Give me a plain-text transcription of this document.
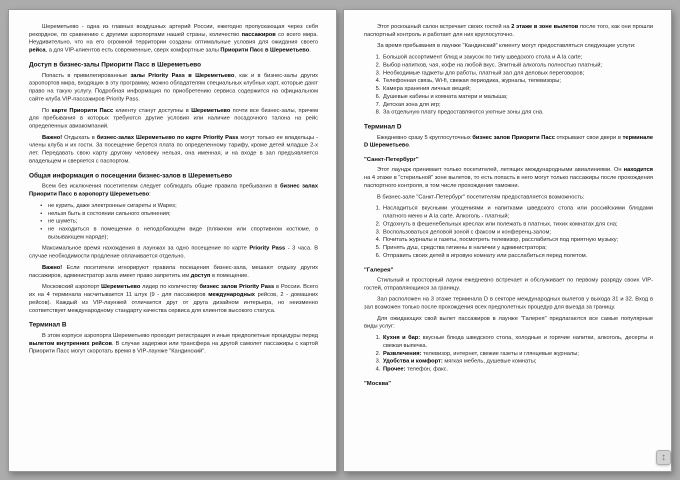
Шереметьево - одна из главных воздушных артерий России, ежегодно пропускающая через себя рекордное, по сравнению с другими аэропортами нашей страны, количество пассажиров со всего мира. Неудивительно, что на его огромной территории созданы оптимальные условия для ожидания своего рейса, а для VIP-клиентов есть современные, сверх комфортные залы Приорити Пасс в Шереметьево.

Доступ в бизнес-залы Приорити Пасс в Шереметьево

Попасть в привилегированные залы Priority Pass в Шереметьево, как и в бизнес-залы других аэропортов мира, входящих в эту программу, можно обладателям специальных клубных карт, которые дают право на такую услугу. Подробная информация по приобретению сервиса содержится на официальном сайте клуба VIP-пассажиров Priority Pass.

По карте Приорити Пасс клиенту станут доступны в Шереметьево почти все бизнес-залы, причем для пребывания в которых требуются другие условия или наличие посадочного талона на рейс определенных авиакомпаний.

Важно! Отдыхать в бизнес-залах Шереметьево по карте Priority Pass могут только ее владельцы - члены клуба и их гости. За посещение берется плата по определенному тарифу, кроме детей младше 2-х лет. Передавать свою карту другому человеку нельзя, она именная, и на входе в зал предъявляется владельцем и сверяется с паспортом.

Общая информация о посещении бизнес-залов в Шереметьево

Всем без исключения посетителям следует соблюдать общие правила пребывания в бизнес залах Приорити Пасс в аэропорту Шереметьево:

• не курить, даже электронные сигареты и Wapes;
• нельзя быть в состоянии сильного опьянения;
• не шуметь;
• не находиться в помещении в неподобающем виде (пляжном или спортивном костюме, в вызывающем наряде);

Максимальное время нахождения в лаунжах за одно посещение по карте Priority Pass - 3 часа. В случае необходимости продление оплачивается отдельно.

Важно! Если посетители игнорируют правила посещения бизнес-зала, мешают отдыху других пассажиров, администратор зала имеет право запретить им доступ в помещение.

Московский аэропорт Шереметьево лидер по количеству бизнес залов Priority Pass в России. Всего их на 4 терминала насчитывается 11 штук (9 - для пассажиров международных рейсов, 2 - домашних рейсов). Каждый из VIP-лаунжей отличается друг от друга дизайном интерьера, но неизменно соответствует международному стандарту качества сервиса для клиентов высокого статуса.

Терминал B

В этом корпусе аэропорта Шереметьево проходит регистрация и иные предполетные процедуры перед вылетом внутренних рейсов. В случае задержки или трансфера на другой самолет пассажиры с картой Приорити Пасс могут скоротать время в VIP-лаунже "Кандинский".

Этот роскошный салон встречает своих гостей на 2 этаже в зоне вылетов после того, как они прошли паспортный контроль и работает для них круглосуточно.

За время пребывания в лаунже "Кандинский" клиенту могут предоставляться следующие услуги:

1. Большой ассортимент блюд и закусок по типу шведского стола и A la carte;
2. Выбор напитков, чая, кофе на любой вкус. Элитный алкоголь полностью платный;
3. Необходимые гаджеты для работы, платный зал для деловых переговоров;
4. Телефонная связь, Wi-fi, свежая периодика, журналы, телевизоры;
5. Камера хранения личных вещей;
6. Душевые кабины и комната матери и малыша;
7. Детская зона для игр;
8. За отдельную плату предоставляются уютные зоны для сна.
Терминал D

Ежедневно сразу 5 круглосуточных бизнес залов Приорити Пасс открывают свои двери в терминале D Шереметьево.

"Санкт-Петербург"

Этот лаундж принимает только посетителей, летящих международными авиалиниями. Он находится на 4 этаже в "стерильной" зоне вылетов, то есть попасть в него могут только пассажиры после прохождения паспортного контроля, в том числе прохождения таможни.

В бизнес-зале "Санкт-Петербург" посетителям предоставляется возможность:

1. Насладиться вкусными угощениями и напитками шведского стола или российскими блюдами платного меню и A la carte. Алкоголь - платный;
2. Отдохнуть в фешенебельных креслах или полежать в платных, тихих комнатах для сна;
3. Воспользоваться деловой зоной с факсом и конференц-залом;
4. Почитать журналы и газеты, посмотреть телевизор, расслабиться под приятную музыку;
5. Принять душ, средства гигиены в наличии у администратора;
6. Отправить своих детей в игровую комнату или расслабиться перед полетом.
"Галерея"

Стильный и просторный лаунж ежедневно встречает и обслуживает по первому разряду своих VIP-гостей, отправляющихся за границу.

Зал расположен на 3 этаже терминала D в секторе международных вылетов у выхода 31 и 32. Вход в зал возможен только после прохождения всех предполетных процедур для выезда за границу.

Для ожидающих свой вылет пассажиров в лаунже "Галерея" предлагаются все самые популярные виды услуг:

1. Кухня и бар: вкусные блюда шведского стола, холодные и горячие напитки, алкоголь, десерты и свежая выпечка.
2. Развлечения: телевизор, интернет, свежие газеты и глянцевые журналы;
3. Удобства и комфорт: мягкая мебель, душевые комнаты;
4. Прочее: телефон, факс.
"Москва"
↕
